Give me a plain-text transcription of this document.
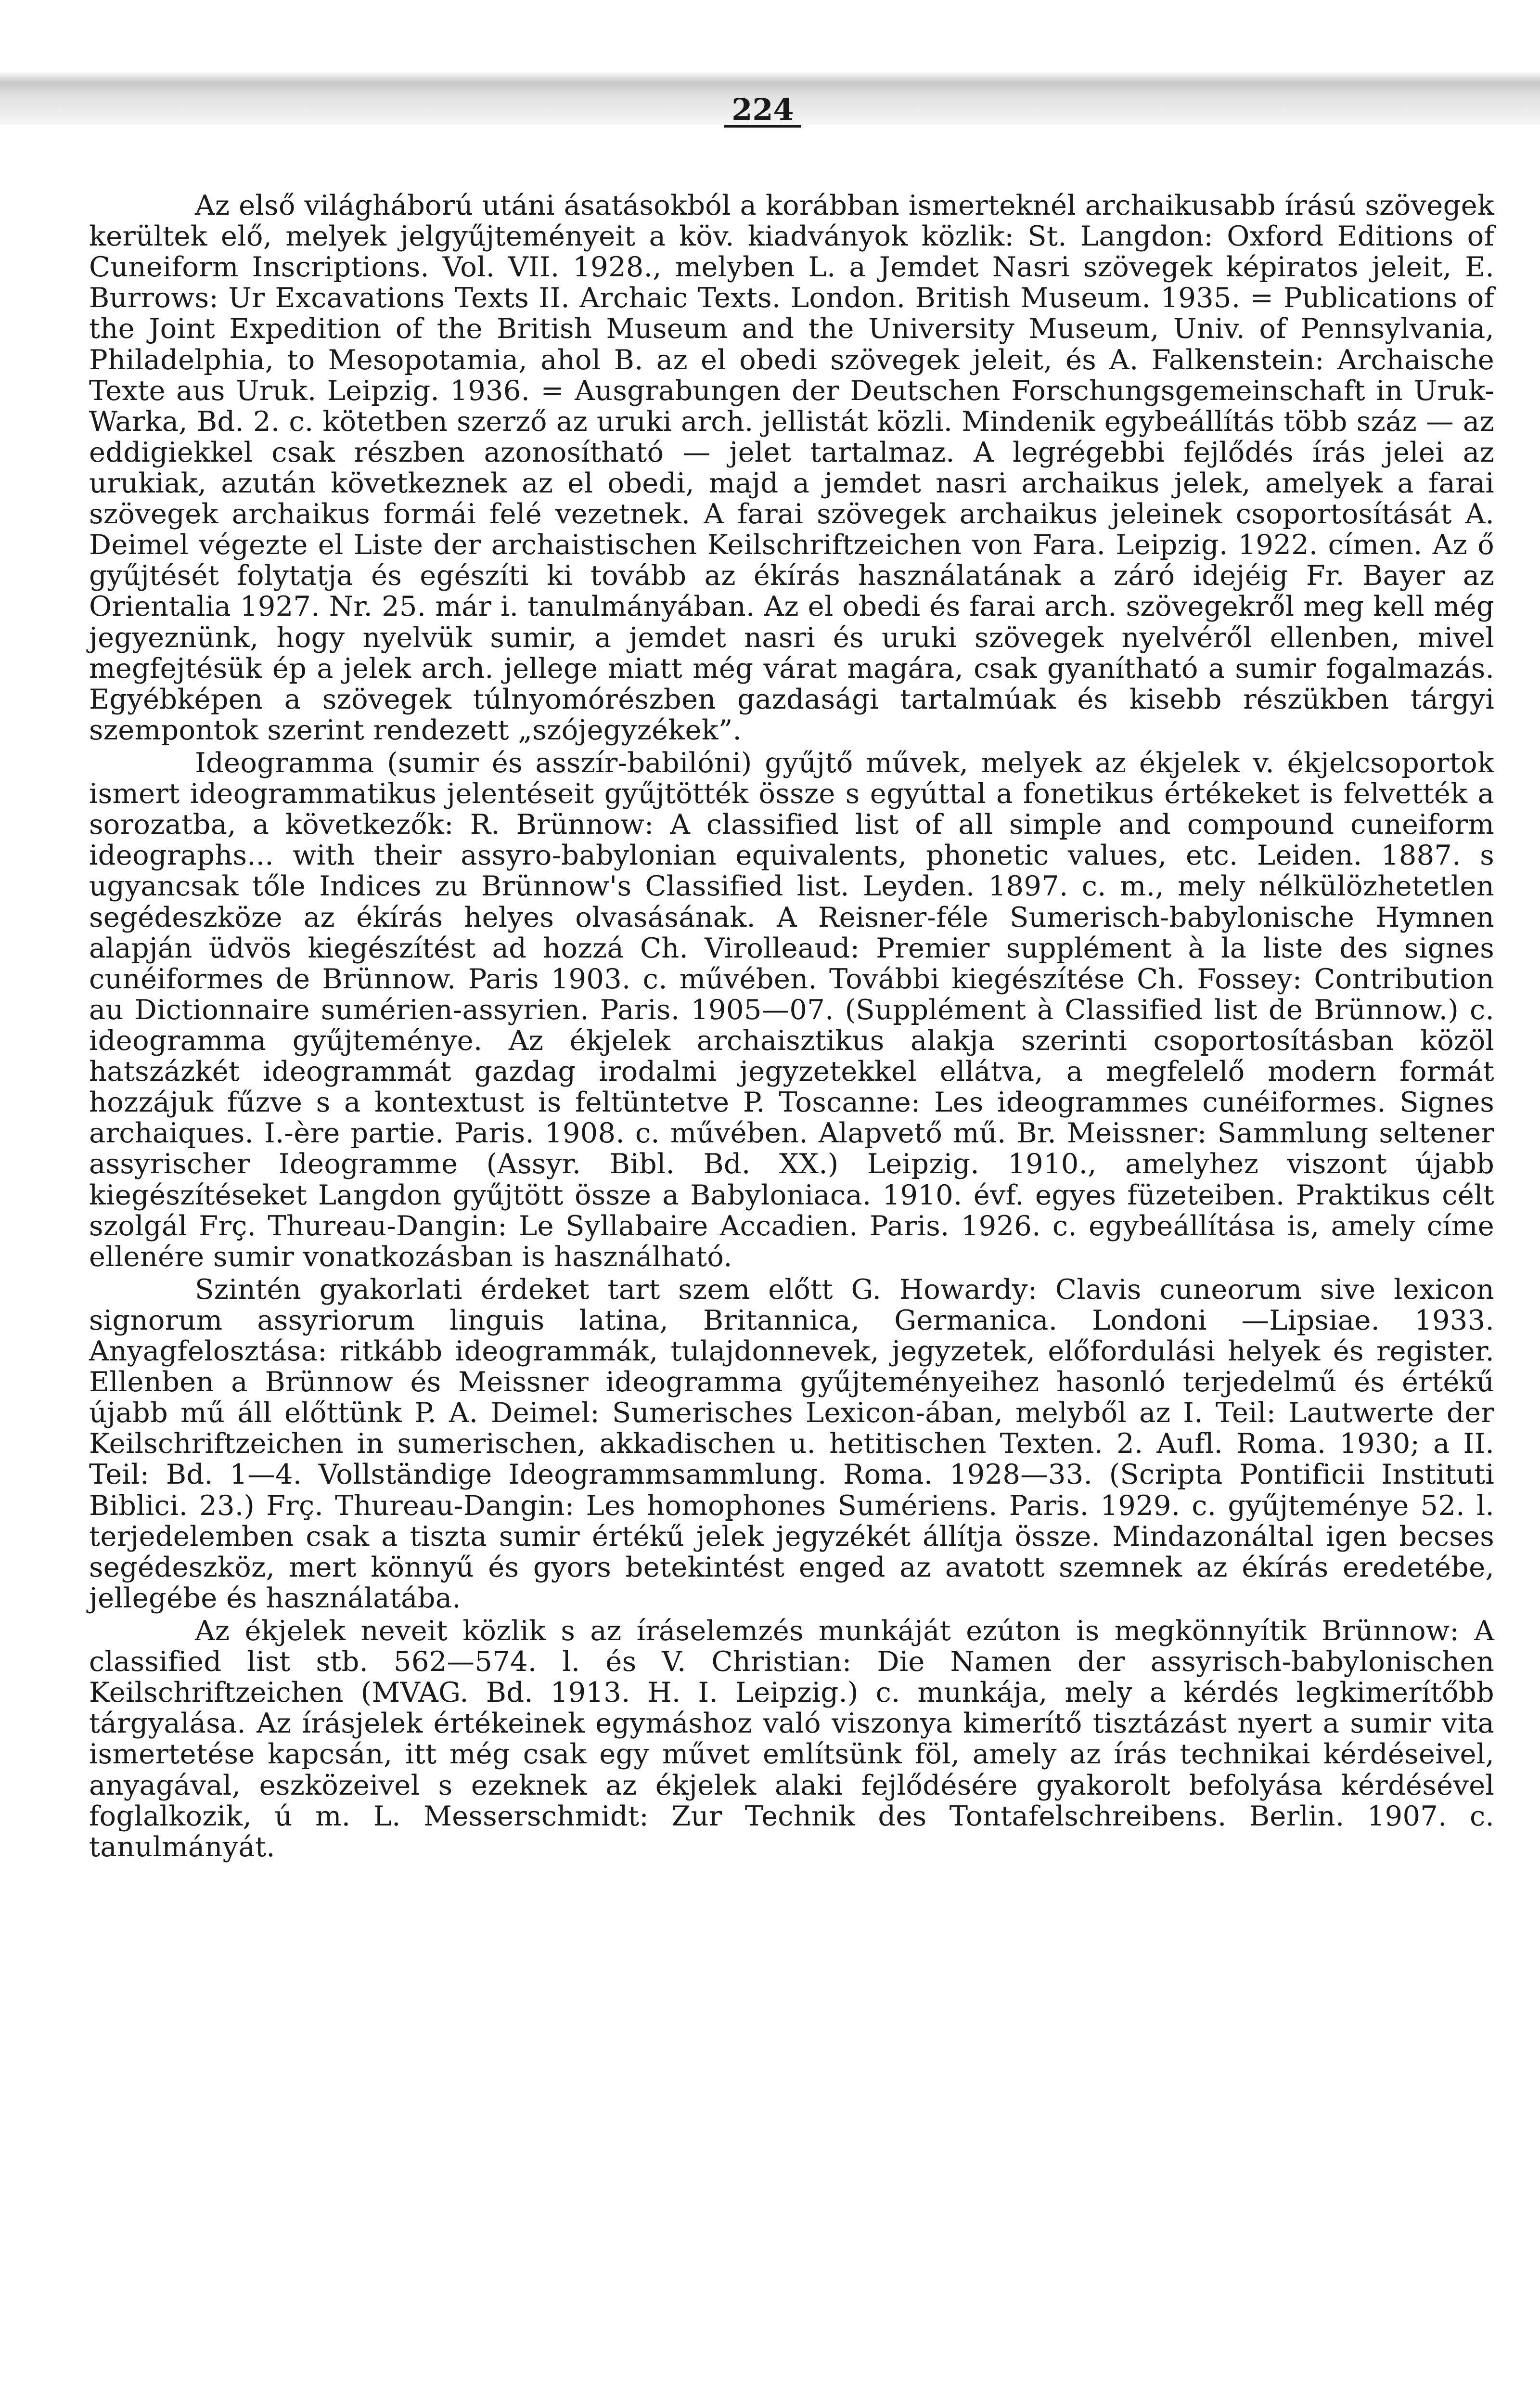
224

Az első világháború utáni ásatásokból a korábban ismerteknél archaikusabb írású szövegek kerültek elő, melyek jelgyűjteményeit a köv. kiadványok közlik: St. Langdon: Oxford Editions of Cuneiform Inscriptions. Vol. VII. 1928., melyben L. a Jemdet Nasri szövegek képiratos jeleit, E. Burrows: Ur Excavations Texts II. Archaic Texts. London. British Museum. 1935. = Publications of the Joint Expedition of the British Museum and the University Museum, Univ. of Pennsylvania, Philadelphia, to Mesopotamia, ahol B. az el obedi szövegek jeleit, és A. Falkenstein: Archaische Texte aus Uruk. Leipzig. 1936. = Ausgrabungen der Deutschen Forschungsgemeinschaft in Uruk-Warka, Bd. 2. c. kötetben szerző az uruki arch. jellistát közli. Mindenik egybeállítás több száz — az eddigiekkel csak részben azonosítható — jelet tartalmaz. A legrégebbi fejlődés írás jelei az urukiak, azután következnek az el obedi, majd a jemdet nasri archaikus jelek, amelyek a farai szövegek archaikus formái felé vezetnek. A farai szövegek archaikus jeleinek csoportosítását A. Deimel végezte el Liste der archaistischen Keilschriftzeichen von Fara. Leipzig. 1922. címen. Az ő gyűjtését folytatja és egészíti ki tovább az ékírás használatának a záró idejéig Fr. Bayer az Orientalia 1927. Nr. 25. már i. tanulmányában. Az el obedi és farai arch. szövegekről meg kell még jegyeznünk, hogy nyelvük sumir, a jemdet nasri és uruki szövegek nyelvéről ellenben, mivel megfejtésük ép a jelek arch. jellege miatt még várat magára, csak gyanítható a sumir fogalmazás. Egyébképen a szövegek túlnyomórészben gazdasági tartalmúak és kisebb részükben tárgyi szempontok szerint rendezett „szójegyzékek”.

Ideogramma (sumir és asszír-babilóni) gyűjtő művek, melyek az ékjelek v. ékjelcsoportok ismert ideogrammatikus jelentéseit gyűjtötték össze s egyúttal a fonetikus értékeket is felvették a sorozatba, a következők: R. Brünnow: A classified list of all simple and compound cuneiform ideographs... with their assyro-babylonian equivalents, phonetic values, etc. Leiden. 1887. s ugyancsak tőle Indices zu Brünnow's Classified list. Leyden. 1897. c. m., mely nélkülözhetetlen segédeszköze az ékírás helyes olvasásának. A Reisner-féle Sumerisch-babylonische Hymnen alapján üdvös kiegészítést ad hozzá Ch. Virolleaud: Premier supplément à la liste des signes cunéiformes de Brünnow. Paris 1903. c. művében. További kiegészítése Ch. Fossey: Contribution au Dictionnaire sumérien-assyrien. Paris. 1905—07. (Supplément à Classified list de Brünnow.) c. ideogramma gyűjteménye. Az ékjelek archaisztikus alakja szerinti csoportosításban közöl hatszázkét ideogrammát gazdag irodalmi jegyzetekkel ellátva, a megfelelő modern formát hozzájuk fűzve s a kontextust is feltüntetve P. Toscanne: Les ideogrammes cunéiformes. Signes archaiques. I.-ère partie. Paris. 1908. c. művében. Alapvető mű. Br. Meissner: Sammlung seltener assyrischer Ideogramme (Assyr. Bibl. Bd. XX.) Leipzig. 1910., amelyhez viszont újabb kiegészítéseket Langdon gyűjtött össze a Babyloniaca. 1910. évf. egyes füzeteiben. Praktikus célt szolgál Frç. Thureau-Dangin: Le Syllabaire Accadien. Paris. 1926. c. egybeállítása is, amely címe ellenére sumir vonatkozásban is használható.

Szintén gyakorlati érdeket tart szem előtt G. Howardy: Clavis cuneorum sive lexicon signorum assyriorum linguis latina, Britannica, Germanica. Londoni —Lipsiae. 1933. Anyagfelosztása: ritkább ideogrammák, tulajdonnevek, jegyzetek, előfordulási helyek és register. Ellenben a Brünnow és Meissner ideogramma gyűjteményeihez hasonló terjedelmű és értékű újabb mű áll előttünk P. A. Deimel: Sumerisches Lexicon-ában, melyből az I. Teil: Lautwerte der Keilschriftzeichen in sumerischen, akkadischen u. hetitischen Texten. 2. Aufl. Roma. 1930; a II. Teil: Bd. 1—4. Vollständige Ideogrammsammlung. Roma. 1928—33. (Scripta Pontificii Instituti Biblici. 23.) Frç. Thureau-Dangin: Les homophones Sumériens. Paris. 1929. c. gyűjteménye 52. l. terjedelemben csak a tiszta sumir értékű jelek jegyzékét állítja össze. Mindazonáltal igen becses segédeszköz, mert könnyű és gyors betekintést enged az avatott szemnek az ékírás eredetébe, jellegébe és használatába.

Az ékjelek neveit közlik s az íráselemzés munkáját ezúton is megkönnyítik Brünnow: A classified list stb. 562—574. l. és V. Christian: Die Namen der assyrisch-babylonischen Keilschriftzeichen (MVAG. Bd. 1913. H. I. Leipzig.) c. munkája, mely a kérdés legkimerítőbb tárgyalása. Az írásjelek értékeinek egymáshoz való viszonya kimerítő tisztázást nyert a sumir vita ismertetése kapcsán, itt még csak egy művet említsünk föl, amely az írás technikai kérdéseivel, anyagával, eszközeivel s ezeknek az ékjelek alaki fejlődésére gyakorolt befolyása kérdésével foglalkozik, ú m. L. Messerschmidt: Zur Technik des Tontafelschreibens. Berlin. 1907. c. tanulmányát.
